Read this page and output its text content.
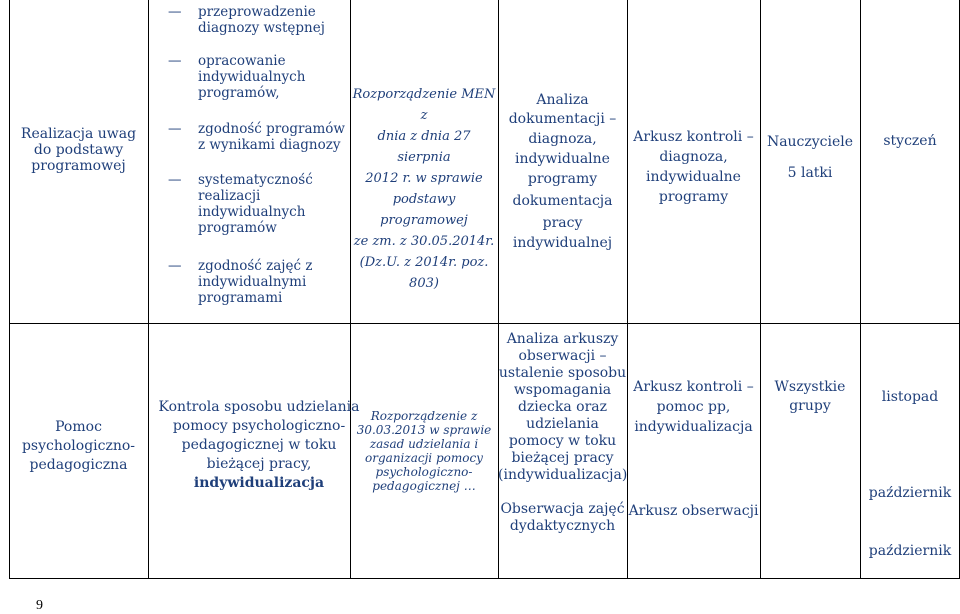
Realizacja uwag do podstawy programowej
— przeprowadzenie diagnozy wstępnej
— opracowanie indywidualnych programów,
— zgodność programów z wynikami diagnozy
— systematyczność realizacji indywidualnych programów
— zgodność zajęć z indywidualnymi programami
Rozporządzenie MEN z
dnia z dnia 27 sierpnia
2012 r. w sprawie
podstawy programowej
ze zm. z 30.05.2014r.
(Dz.U. z 2014r. poz. 803)
Analiza
dokumentacji –
diagnoza,
indywidualne
programy
dokumentacja
pracy
indywidualnej
Arkusz kontroli –
diagnoza,
indywidualne
programy
Nauczyciele
5 latki
styczeń
Pomoc
psychologiczno-
pedagogiczna
Kontrola sposobu udzielania
pomocy psychologiczno-
pedagogicznej w toku
bieżącej pracy,
indywidualizacja
Rozporządzenie z
30.03.2013 w sprawie
zasad udzielania i
organizacji pomocy
psychologiczno-
pedagogicznej …
Analiza arkuszy
obserwacji –
ustalenie sposobu
wspomagania
dziecka oraz
udzielania
pomocy w toku
bieżącej pracy
(indywidualizacja)
Obserwacja zajęć
dydaktycznych
Arkusz kontroli –
pomoc pp,
indywidualizacja
Arkusz obserwacji
Wszystkie
grupy
listopad
październik
październik
9
